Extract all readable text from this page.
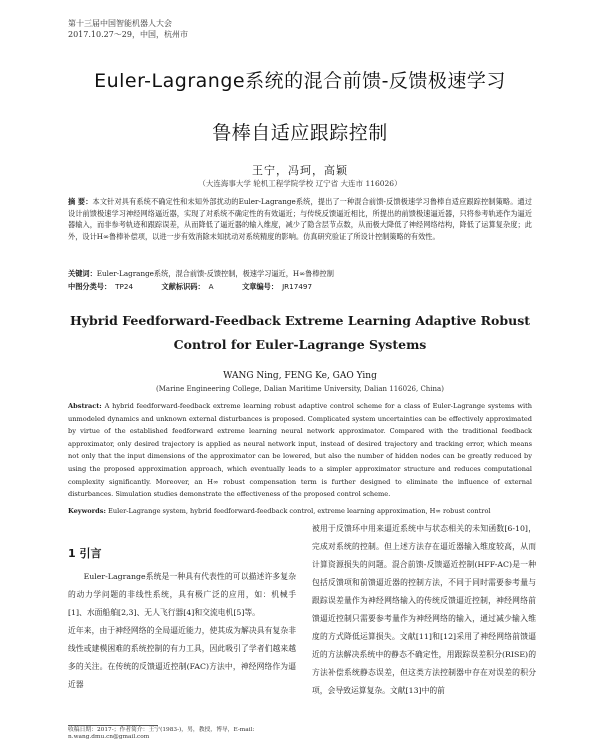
第十三届中国智能机器人大会
2017.10.27～29，中国，杭州市
Euler-Lagrange系统的混合前馈-反馈极速学习
鲁棒自适应跟踪控制
王宁，冯珂，高颖
（大连海事大学 轮机工程学院学校 辽宁省 大连市 116026）
摘 要：本文针对具有系统不确定性和未知外部扰动的Euler-Lagrange系统，提出了一种混合前馈-反馈极速学习鲁棒自适应跟踪控制策略。通过设计前馈极速学习神经网络逼近器，实现了对系统不确定性的有效逼近；与传统反馈逼近相比，所提出的前馈极速逼近器，只将参考轨迹作为逼近器输入，而非参考轨迹和跟踪误差，从而降低了逼近器的输入维度，减少了隐含层节点数，从而极大降低了神经网络结构，降低了运算复杂度；此外，设计H∞鲁棒补偿项，以进一步有效消除未知扰动对系统精度的影响。仿真研究验证了所设计控制策略的有效性。
关键词：Euler-Lagrange系统，混合前馈-反馈控制，极速学习逼近，H∞鲁棒控制
中图分类号： TP24	文献标识码： A	文章编号： JR17497
Hybrid Feedforward-Feedback Extreme Learning Adaptive Robust
Control for Euler-Lagrange Systems
WANG Ning, FENG Ke, GAO Ying
(Marine Engineering College, Dalian Maritime University, Dalian 116026, China)
Abstract: A hybrid feedforward-feedback extreme learning robust adaptive control scheme for a class of Euler-Lagrange systems with unmodeled dynamics and unknown external disturbances is proposed. Complicated system uncertainties can be effectively approximated by virtue of the established feedforward extreme learning neural network approximator. Compared with the traditional feedback approximator, only desired trajectory is applied as neural network input, instead of desired trajectory and tracking error, which means not only that the input dimensions of the approximator can be lowered, but also the number of hidden nodes can be greatly reduced by using the proposed approximation approach, which eventually leads to a simpler approximator structure and reduces computational complexity significantly. Moreover, an H∞ robust compensation term is further designed to eliminate the influence of external disturbances. Simulation studies demonstrate the effectiveness of the proposed control scheme.
Keywords: Euler-Lagrange system, hybrid feedforward-feedback control, extreme learning approximation, H∞ robust control
1 引言
Euler-Lagrange系统是一种具有代表性的可以描述许多复杂的动力学问题的非线性系统，具有极广泛的应用，如：机械手[1]、水面船舶[2,3]、无人飞行器[4]和交流电机[5]等。
近年来，由于神经网络的全局逼近能力，使其成为解决具有复杂非线性或建模困难的系统控制的有力工具，因此吸引了学者们越来越多的关注。在传统的反馈逼近控制(FAC)方法中，神经网络作为逼近器
被用于反馈环中用来逼近系统中与状态相关的未知函数[6-10]，完成对系统的控制。但上述方法存在逼近器输入维度较高，从而计算资源损失的问题。混合前馈-反馈逼近控制(HFF-AC)是一种包括反馈项和前馈逼近器的控制方法，不同于同时需要参考量与跟踪误差量作为神经网络输入的传统反馈逼近控制，神经网络前馈逼近控制只需要参考量作为神经网络的输入，通过减少输入维度的方式降低运算损失。文献[11]和[12]采用了神经网络前馈逼近的方法解决系统中的静态不确定性，用跟踪误差积分(RISE)的方法补偿系统静态误差，但这类方法控制器中存在对误差的积分项，会导致运算复杂。文献[13]中的前
收稿日期：2017-；作者简介：王宁(1983-)，男，教授，博导，E-mail:
n.wang.dmu.cn@gmail.com
